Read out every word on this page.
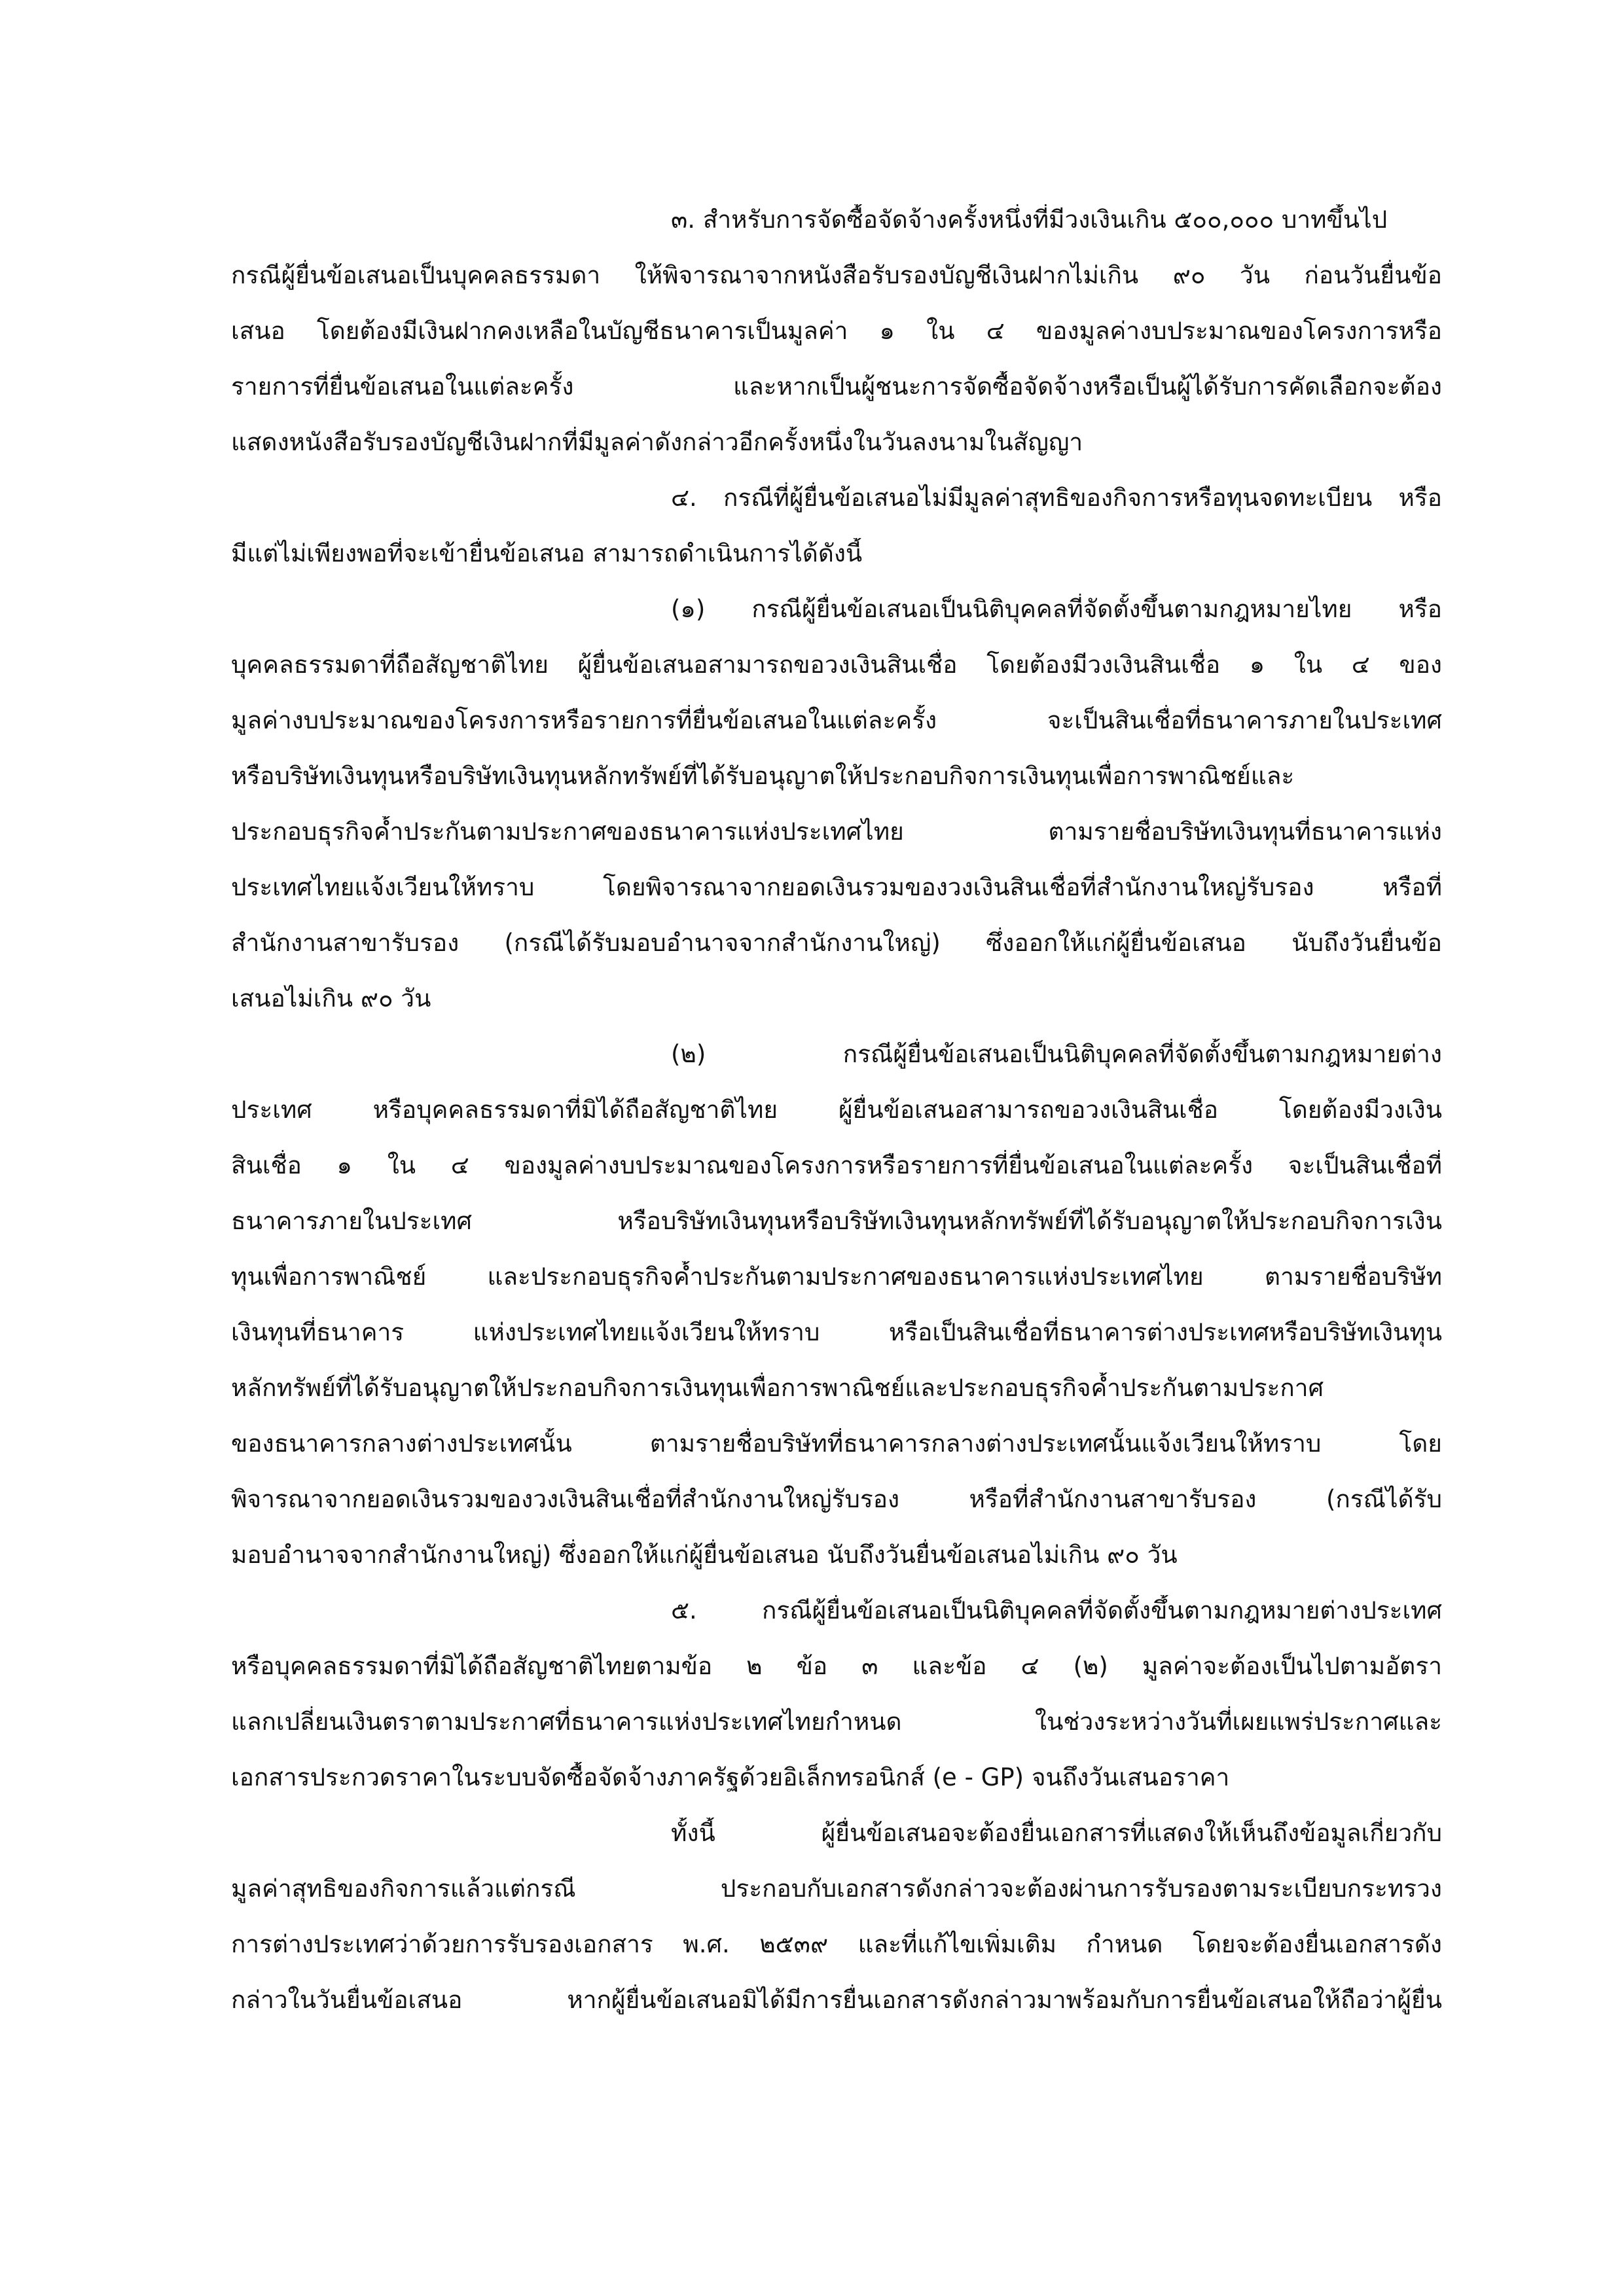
๓. สำหรับการจัดซื้อจัดจ้างครั้งหนึ่งที่มีวงเงินเกิน ๕๐๐,๐๐๐ บาทขึ้นไป
กรณีผู้ยื่นข้อเสนอเป็นบุคคลธรรมดา ให้พิจารณาจากหนังสือรับรองบัญชีเงินฝากไม่เกิน ๙๐ วัน ก่อนวันยื่นข้อ
เสนอ โดยต้องมีเงินฝากคงเหลือในบัญชีธนาคารเป็นมูลค่า ๑ ใน ๔ ของมูลค่างบประมาณของโครงการหรือ
รายการที่ยื่นข้อเสนอในแต่ละครั้ง และหากเป็นผู้ชนะการจัดซื้อจัดจ้างหรือเป็นผู้ได้รับการคัดเลือกจะต้อง
แสดงหนังสือรับรองบัญชีเงินฝากที่มีมูลค่าดังกล่าวอีกครั้งหนึ่งในวันลงนามในสัญญา
๔. กรณีที่ผู้ยื่นข้อเสนอไม่มีมูลค่าสุทธิของกิจการหรือทุนจดทะเบียน หรือ
มีแต่ไม่เพียงพอที่จะเข้ายื่นข้อเสนอ สามารถดำเนินการได้ดังนี้
(๑) กรณีผู้ยื่นข้อเสนอเป็นนิติบุคคลที่จัดตั้งขึ้นตามกฎหมายไทย หรือ
บุคคลธรรมดาที่ถือสัญชาติไทย ผู้ยื่นข้อเสนอสามารถขอวงเงินสินเชื่อ โดยต้องมีวงเงินสินเชื่อ ๑ ใน ๔ ของ
มูลค่างบประมาณของโครงการหรือรายการที่ยื่นข้อเสนอในแต่ละครั้ง จะเป็นสินเชื่อที่ธนาคารภายในประเทศ
หรือบริษัทเงินทุนหรือบริษัทเงินทุนหลักทรัพย์ที่ได้รับอนุญาตให้ประกอบกิจการเงินทุนเพื่อการพาณิชย์และ
ประกอบธุรกิจค้ำประกันตามประกาศของธนาคารแห่งประเทศไทย ตามรายชื่อบริษัทเงินทุนที่ธนาคารแห่ง
ประเทศไทยแจ้งเวียนให้ทราบ โดยพิจารณาจากยอดเงินรวมของวงเงินสินเชื่อที่สำนักงานใหญ่รับรอง หรือที่
สำนักงานสาขารับรอง (กรณีได้รับมอบอำนาจจากสำนักงานใหญ่) ซึ่งออกให้แก่ผู้ยื่นข้อเสนอ นับถึงวันยื่นข้อ
เสนอไม่เกิน ๙๐ วัน
(๒) กรณีผู้ยื่นข้อเสนอเป็นนิติบุคคลที่จัดตั้งขึ้นตามกฎหมายต่าง
ประเทศ หรือบุคคลธรรมดาที่มิได้ถือสัญชาติไทย ผู้ยื่นข้อเสนอสามารถขอวงเงินสินเชื่อ โดยต้องมีวงเงิน
สินเชื่อ ๑ ใน ๔ ของมูลค่างบประมาณของโครงการหรือรายการที่ยื่นข้อเสนอในแต่ละครั้ง จะเป็นสินเชื่อที่
ธนาคารภายในประเทศ หรือบริษัทเงินทุนหรือบริษัทเงินทุนหลักทรัพย์ที่ได้รับอนุญาตให้ประกอบกิจการเงิน
ทุนเพื่อการพาณิชย์ และประกอบธุรกิจค้ำประกันตามประกาศของธนาคารแห่งประเทศไทย ตามรายชื่อบริษัท
เงินทุนที่ธนาคาร แห่งประเทศไทยแจ้งเวียนให้ทราบ หรือเป็นสินเชื่อที่ธนาคารต่างประเทศหรือบริษัทเงินทุน
หลักทรัพย์ที่ได้รับอนุญาตให้ประกอบกิจการเงินทุนเพื่อการพาณิชย์และประกอบธุรกิจค้ำประกันตามประกาศ
ของธนาคารกลางต่างประเทศนั้น ตามรายชื่อบริษัทที่ธนาคารกลางต่างประเทศนั้นแจ้งเวียนให้ทราบ โดย
พิจารณาจากยอดเงินรวมของวงเงินสินเชื่อที่สำนักงานใหญ่รับรอง หรือที่สำนักงานสาขารับรอง (กรณีได้รับ
มอบอำนาจจากสำนักงานใหญ่) ซึ่งออกให้แก่ผู้ยื่นข้อเสนอ นับถึงวันยื่นข้อเสนอไม่เกิน ๙๐ วัน
๕. กรณีผู้ยื่นข้อเสนอเป็นนิติบุคคลที่จัดตั้งขึ้นตามกฎหมายต่างประเทศ
หรือบุคคลธรรมดาที่มิได้ถือสัญชาติไทยตามข้อ ๒ ข้อ ๓ และข้อ ๔ (๒) มูลค่าจะต้องเป็นไปตามอัตรา
แลกเปลี่ยนเงินตราตามประกาศที่ธนาคารแห่งประเทศไทยกำหนด ในช่วงระหว่างวันที่เผยแพร่ประกาศและ
เอกสารประกวดราคาในระบบจัดซื้อจัดจ้างภาครัฐด้วยอิเล็กทรอนิกส์ (e - GP) จนถึงวันเสนอราคา
ทั้งนี้ ผู้ยื่นข้อเสนอจะต้องยื่นเอกสารที่แสดงให้เห็นถึงข้อมูลเกี่ยวกับ
มูลค่าสุทธิของกิจการแล้วแต่กรณี ประกอบกับเอกสารดังกล่าวจะต้องผ่านการรับรองตามระเบียบกระทรวง
การต่างประเทศว่าด้วยการรับรองเอกสาร พ.ศ. ๒๕๓๙ และที่แก้ไขเพิ่มเติม กำหนด โดยจะต้องยื่นเอกสารดัง
กล่าวในวันยื่นข้อเสนอ หากผู้ยื่นข้อเสนอมิได้มีการยื่นเอกสารดังกล่าวมาพร้อมกับการยื่นข้อเสนอให้ถือว่าผู้ยื่น
